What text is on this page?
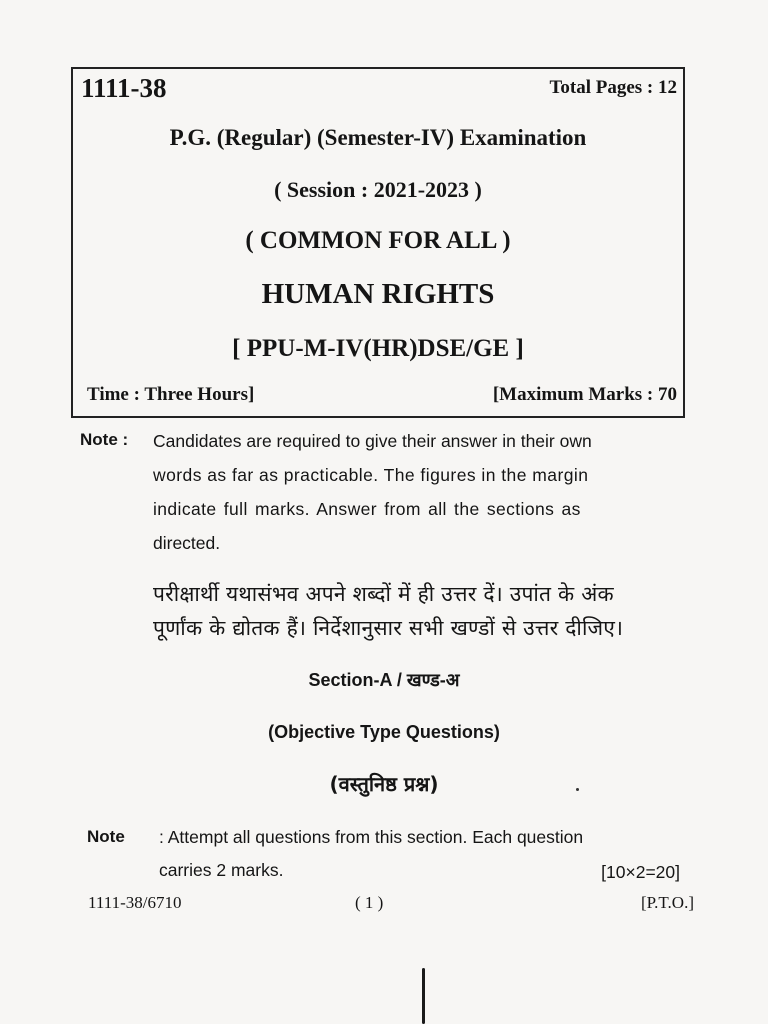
1111-38	Total Pages : 12
P.G. (Regular) (Semester-IV) Examination
( Session : 2021-2023 )
( COMMON FOR ALL )
HUMAN RIGHTS
[ PPU-M-IV(HR)DSE/GE ]
Time : Three Hours]	[Maximum Marks : 70
Note : Candidates are required to give their answer in their own
words as far as practicable. The figures in the margin
indicate full marks. Answer from all the sections as
directed.
परीक्षार्थी यथासंभव अपने शब्दों में ही उत्तर दें। उपांत के अंक
पूर्णांक के द्योतक हैं। निर्देशानुसार सभी खण्डों से उत्तर दीजिए।
Section-A / खण्ड-अ
(Objective Type Questions)
(वस्तुनिष्ठ प्रश्न)
Note : Attempt all questions from this section. Each question
carries 2 marks.	[10×2=20]
1111-38/6710	( 1 )	[P.T.O.]
